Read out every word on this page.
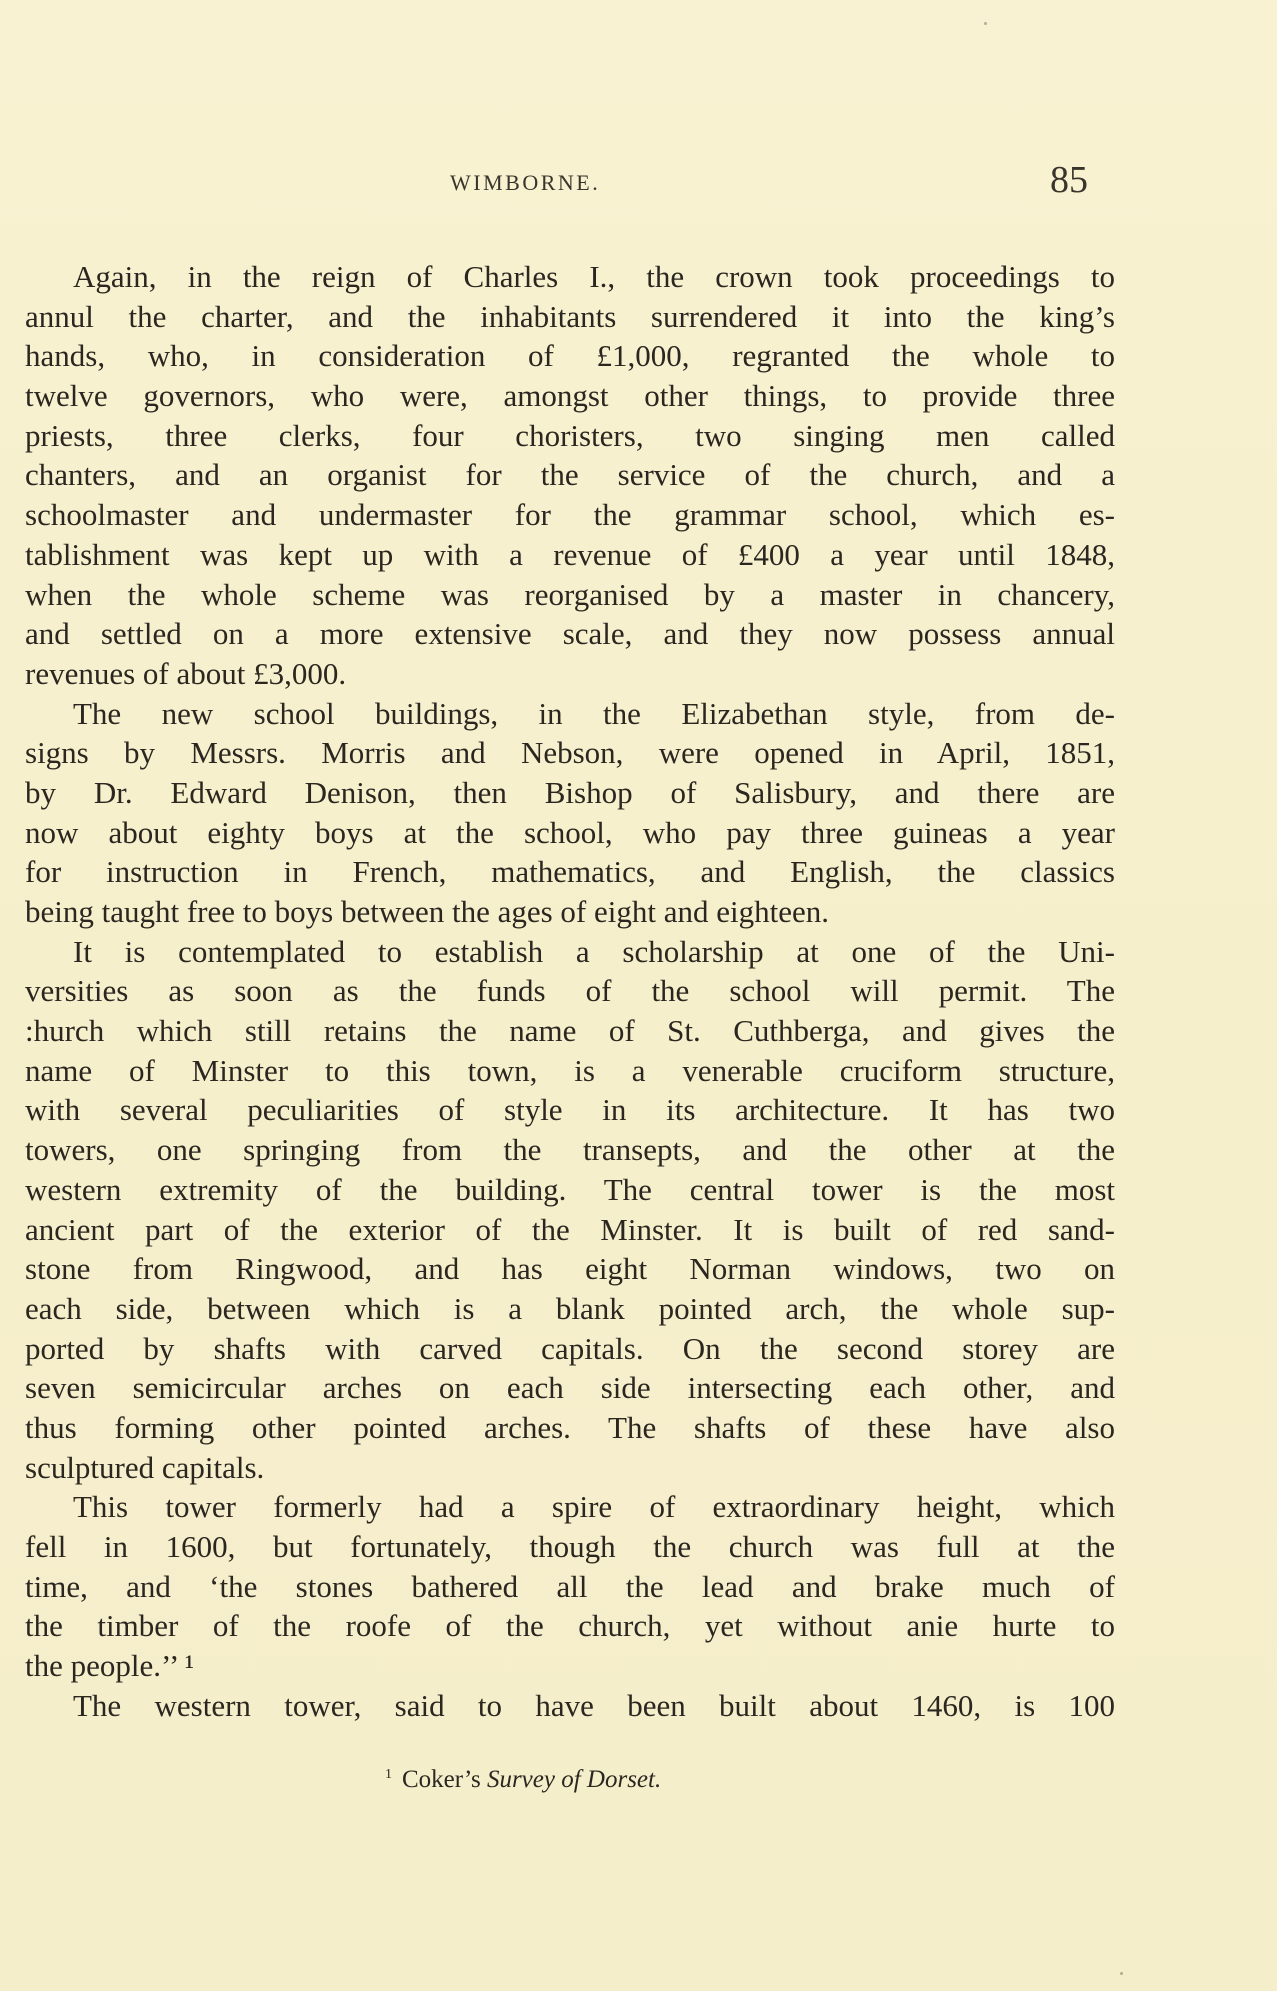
WIMBORNE.	85
Again, in the reign of Charles I., the crown took proceedings to
annul the charter, and the inhabitants surrendered it into the king’s
hands, who, in consideration of £1,000, regranted the whole to
twelve governors, who were, amongst other things, to provide three
priests, three clerks, four choristers, two singing men called
chanters, and an organist for the service of the church, and a
schoolmaster and undermaster for the grammar school, which es-
tablishment was kept up with a revenue of £400 a year until 1848,
when the whole scheme was reorganised by a master in chancery,
and settled on a more extensive scale, and they now possess annual
revenues of about £3,000.
The new school buildings, in the Elizabethan style, from de-
signs by Messrs. Morris and Nebson, were opened in April, 1851,
by Dr. Edward Denison, then Bishop of Salisbury, and there are
now about eighty boys at the school, who pay three guineas a year
for instruction in French, mathematics, and English, the classics
being taught free to boys between the ages of eight and eighteen.
It is contemplated to establish a scholarship at one of the Uni-
versities as soon as the funds of the school will permit. The
:hurch which still retains the name of St. Cuthberga, and gives the
name of Minster to this town, is a venerable cruciform structure,
with several peculiarities of style in its architecture. It has two
towers, one springing from the transepts, and the other at the
western extremity of the building. The central tower is the most
ancient part of the exterior of the Minster. It is built of red sand-
stone from Ringwood, and has eight Norman windows, two on
each side, between which is a blank pointed arch, the whole sup-
ported by shafts with carved capitals. On the second storey are
seven semicircular arches on each side intersecting each other, and
thus forming other pointed arches. The shafts of these have also
sculptured capitals.
This tower formerly had a spire of extraordinary height, which
fell in 1600, but fortunately, though the church was full at the
time, and ‘the stones bathered all the lead and brake much of
the timber of the roofe of the church, yet without anie hurte to
the people.’’ ¹
The western tower, said to have been built about 1460, is 100
$^1$ Coker’s Survey of Dorset.
